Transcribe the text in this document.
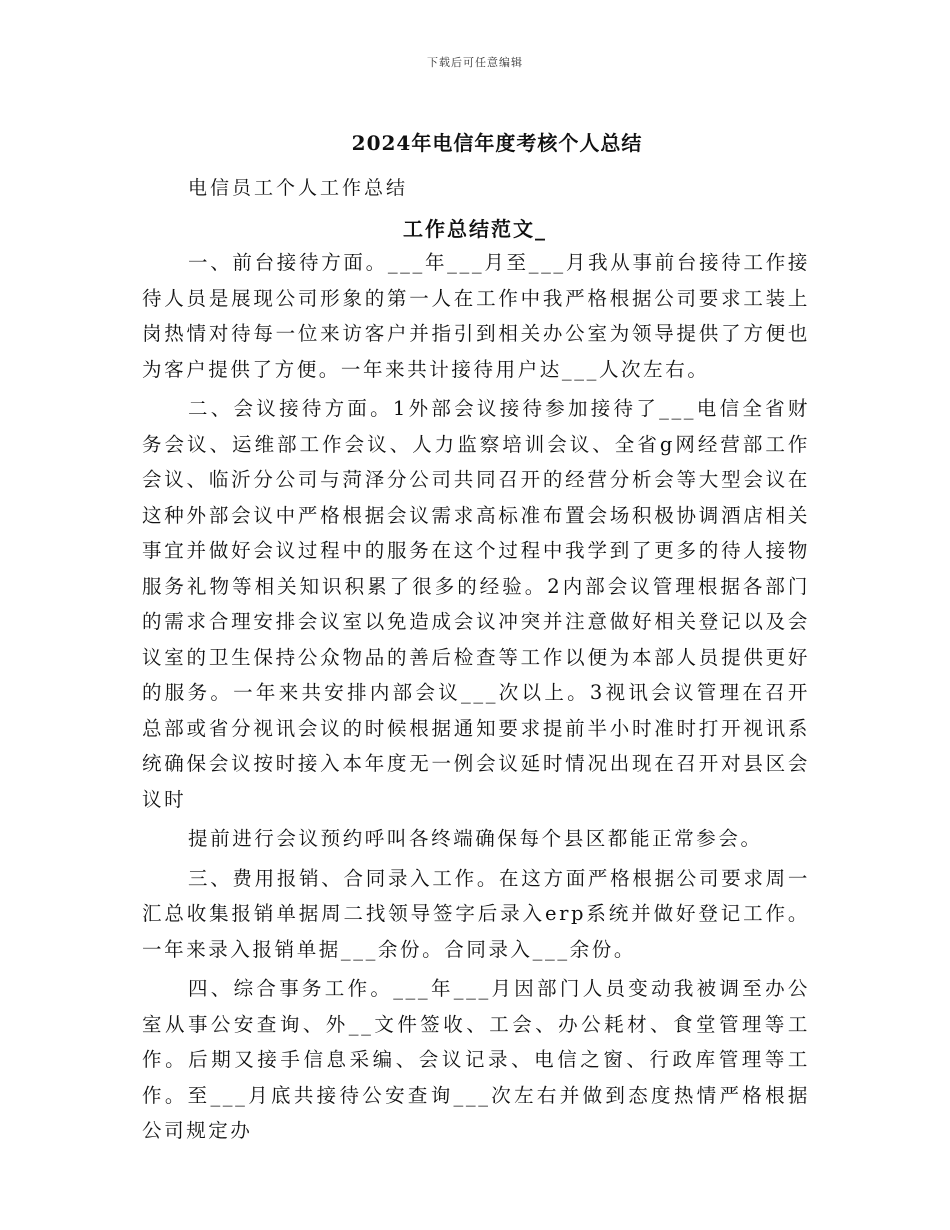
下载后可任意编辑
2024年电信年度考核个人总结
电信员工个人工作总结
工作总结范文_

一、前台接待方面。___年___月至___月我从事前台接待工作接待人员是展现公司形象的第一人在工作中我严格根据公司要求工装上岗热情对待每一位来访客户并指引到相关办公室为领导提供了方便也为客户提供了方便。一年来共计接待用户达___人次左右。

二、会议接待方面。1外部会议接待参加接待了___电信全省财务会议、运维部工作会议、人力监察培训会议、全省g网经营部工作会议、临沂分公司与菏泽分公司共同召开的经营分析会等大型会议在这种外部会议中严格根据会议需求高标准布置会场积极协调酒店相关事宜并做好会议过程中的服务在这个过程中我学到了更多的待人接物服务礼物等相关知识积累了很多的经验。2内部会议管理根据各部门的需求合理安排会议室以免造成会议冲突并注意做好相关登记以及会议室的卫生保持公众物品的善后检查等工作以便为本部人员提供更好的服务。一年来共安排内部会议___次以上。3视讯会议管理在召开总部或省分视讯会议的时候根据通知要求提前半小时准时打开视讯系统确保会议按时接入本年度无一例会议延时情况出现在召开对县区会议时

提前进行会议预约呼叫各终端确保每个县区都能正常参会。

三、费用报销、合同录入工作。在这方面严格根据公司要求周一汇总收集报销单据周二找领导签字后录入erp系统并做好登记工作。一年来录入报销单据___余份。合同录入___余份。

四、综合事务工作。___年___月因部门人员变动我被调至办公室从事公安查询、外__文件签收、工会、办公耗材、食堂管理等工作。后期又接手信息采编、会议记录、电信之窗、行政库管理等工作。至___月底共接待公安查询___次左右并做到态度热情严格根据公司规定办
